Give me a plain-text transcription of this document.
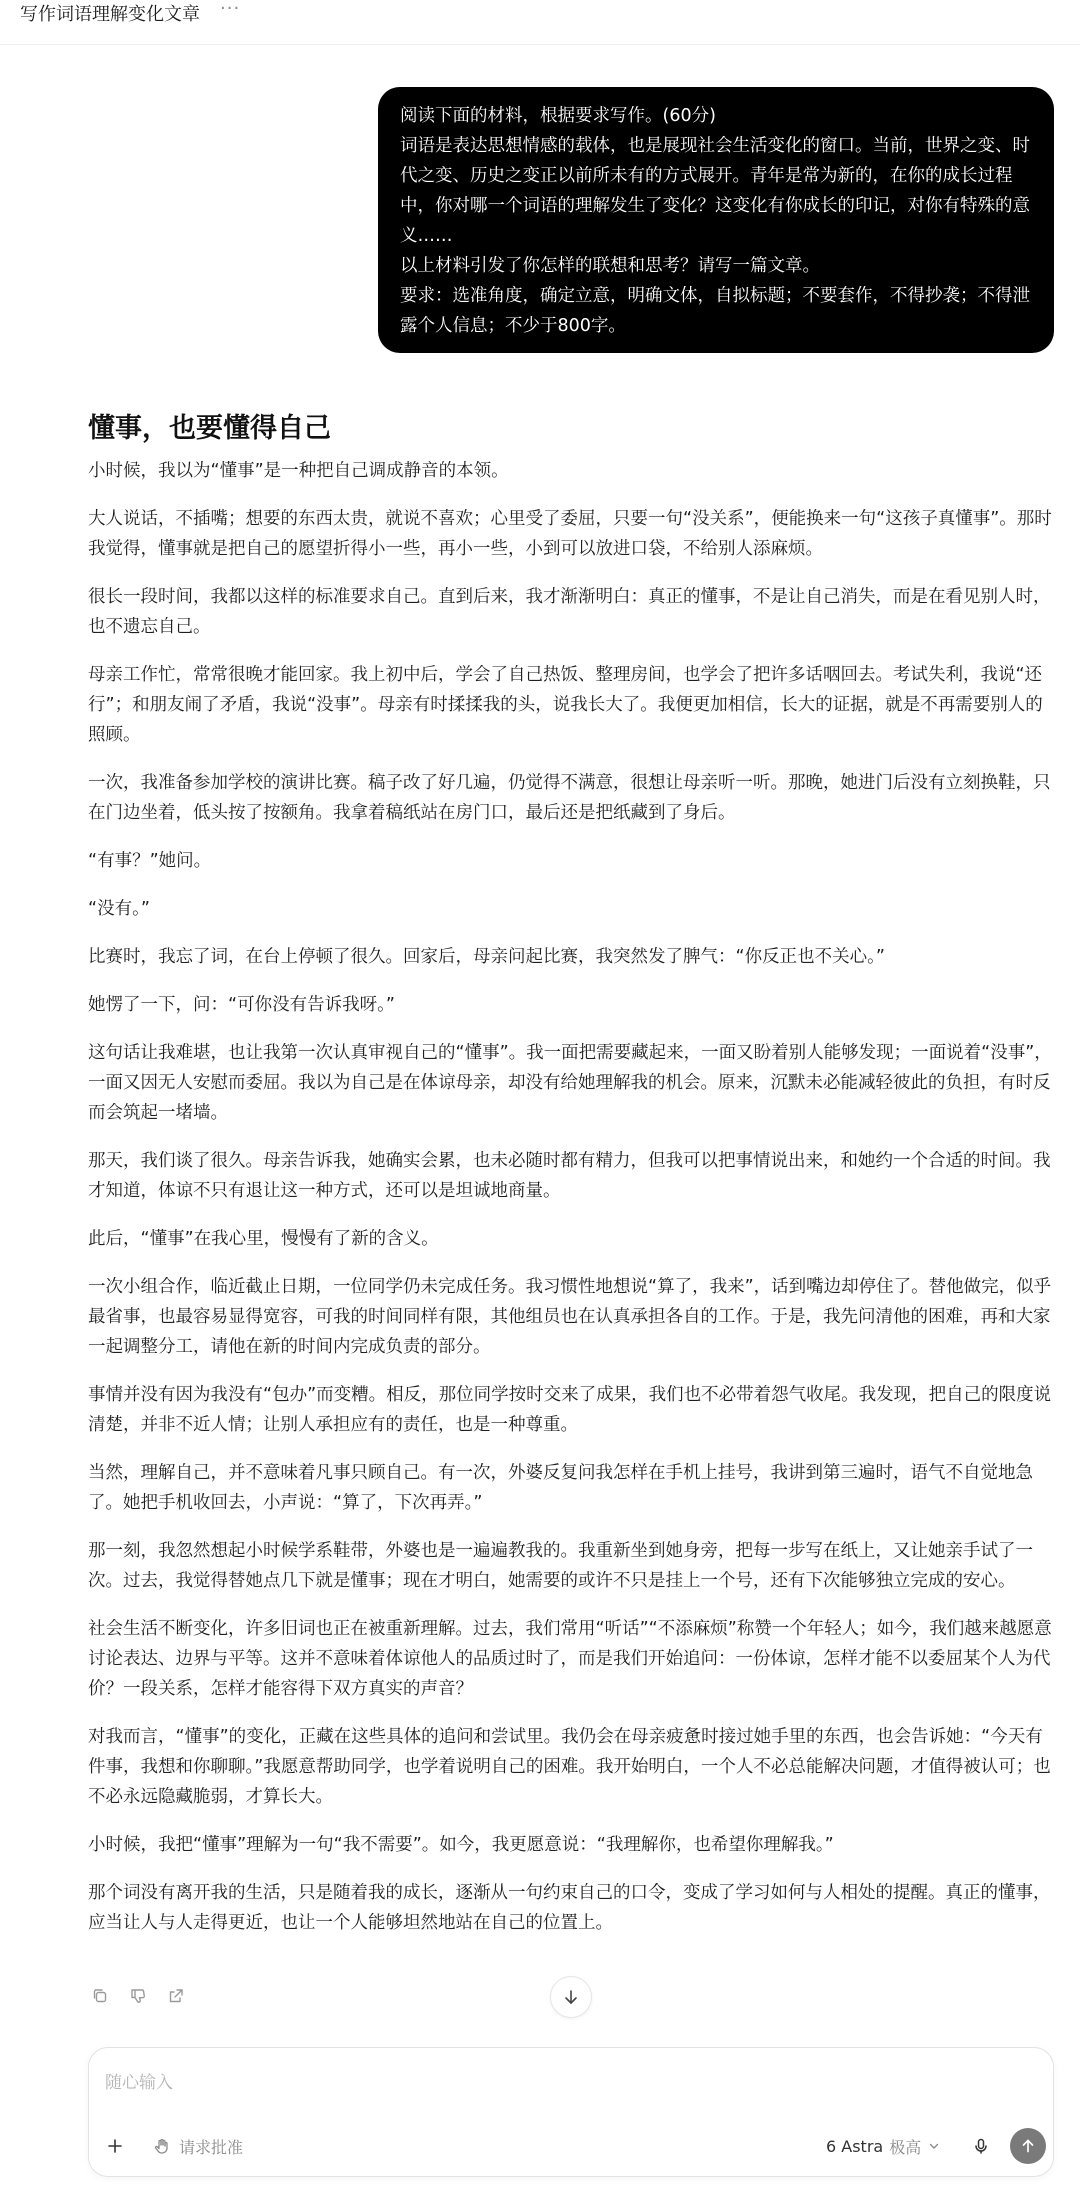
写作词语理解变化文章 ···

阅读下面的材料，根据要求写作。(60分)

词语是表达思想情感的载体，也是展现社会生活变化的窗口。当前，世界之变、时代之变、历史之变正以前所未有的方式展开。青年是常为新的，在你的成长过程中，你对哪一个词语的理解发生了变化？这变化有你成长的印记，对你有特殊的意义……

以上材料引发了你怎样的联想和思考？请写一篇文章。

要求：选准角度，确定立意，明确文体，自拟标题；不要套作，不得抄袭；不得泄露个人信息；不少于800字。

懂事，也要懂得自己

小时候，我以为“懂事”是一种把自己调成静音的本领。

大人说话，不插嘴；想要的东西太贵，就说不喜欢；心里受了委屈，只要一句“没关系”，便能换来一句“这孩子真懂事”。那时我觉得，懂事就是把自己的愿望折得小一些，再小一些，小到可以放进口袋，不给别人添麻烦。

很长一段时间，我都以这样的标准要求自己。直到后来，我才渐渐明白：真正的懂事，不是让自己消失，而是在看见别人时，也不遗忘自己。

母亲工作忙，常常很晚才能回家。我上初中后，学会了自己热饭、整理房间，也学会了把许多话咽回去。考试失利，我说“还行”；和朋友闹了矛盾，我说“没事”。母亲有时揉揉我的头，说我长大了。我便更加相信，长大的证据，就是不再需要别人的照顾。

一次，我准备参加学校的演讲比赛。稿子改了好几遍，仍觉得不满意，很想让母亲听一听。那晚，她进门后没有立刻换鞋，只在门边坐着，低头按了按额角。我拿着稿纸站在房门口，最后还是把纸藏到了身后。

“有事？”她问。

“没有。”

比赛时，我忘了词，在台上停顿了很久。回家后，母亲问起比赛，我突然发了脾气：“你反正也不关心。”

她愣了一下，问：“可你没有告诉我呀。”

这句话让我难堪，也让我第一次认真审视自己的“懂事”。我一面把需要藏起来，一面又盼着别人能够发现；一面说着“没事”，一面又因无人安慰而委屈。我以为自己是在体谅母亲，却没有给她理解我的机会。原来，沉默未必能减轻彼此的负担，有时反而会筑起一堵墙。

那天，我们谈了很久。母亲告诉我，她确实会累，也未必随时都有精力，但我可以把事情说出来，和她约一个合适的时间。我才知道，体谅不只有退让这一种方式，还可以是坦诚地商量。

此后，“懂事”在我心里，慢慢有了新的含义。

一次小组合作，临近截止日期，一位同学仍未完成任务。我习惯性地想说“算了，我来”，话到嘴边却停住了。替他做完，似乎最省事，也最容易显得宽容，可我的时间同样有限，其他组员也在认真承担各自的工作。于是，我先问清他的困难，再和大家一起调整分工，请他在新的时间内完成负责的部分。

事情并没有因为我没有“包办”而变糟。相反，那位同学按时交来了成果，我们也不必带着怨气收尾。我发现，把自己的限度说清楚，并非不近人情；让别人承担应有的责任，也是一种尊重。

当然，理解自己，并不意味着凡事只顾自己。有一次，外婆反复问我怎样在手机上挂号，我讲到第三遍时，语气不自觉地急了。她把手机收回去，小声说：“算了，下次再弄。”

那一刻，我忽然想起小时候学系鞋带，外婆也是一遍遍教我的。我重新坐到她身旁，把每一步写在纸上，又让她亲手试了一次。过去，我觉得替她点几下就是懂事；现在才明白，她需要的或许不只是挂上一个号，还有下次能够独立完成的安心。

社会生活不断变化，许多旧词也正在被重新理解。过去，我们常用“听话”“不添麻烦”称赞一个年轻人；如今，我们越来越愿意讨论表达、边界与平等。这并不意味着体谅他人的品质过时了，而是我们开始追问：一份体谅，怎样才能不以委屈某个人为代价？一段关系，怎样才能容得下双方真实的声音？

对我而言，“懂事”的变化，正藏在这些具体的追问和尝试里。我仍会在母亲疲惫时接过她手里的东西，也会告诉她：“今天有件事，我想和你聊聊。”我愿意帮助同学，也学着说明自己的困难。我开始明白，一个人不必总能解决问题，才值得被认可；也不必永远隐藏脆弱，才算长大。

小时候，我把“懂事”理解为一句“我不需要”。如今，我更愿意说：“我理解你，也希望你理解我。”

那个词没有离开我的生活，只是随着我的成长，逐渐从一句约束自己的口令，变成了学习如何与人相处的提醒。真正的懂事，应当让人与人走得更近，也让一个人能够坦然地站在自己的位置上。

随心输入
请求批准	6 Astra 极高
